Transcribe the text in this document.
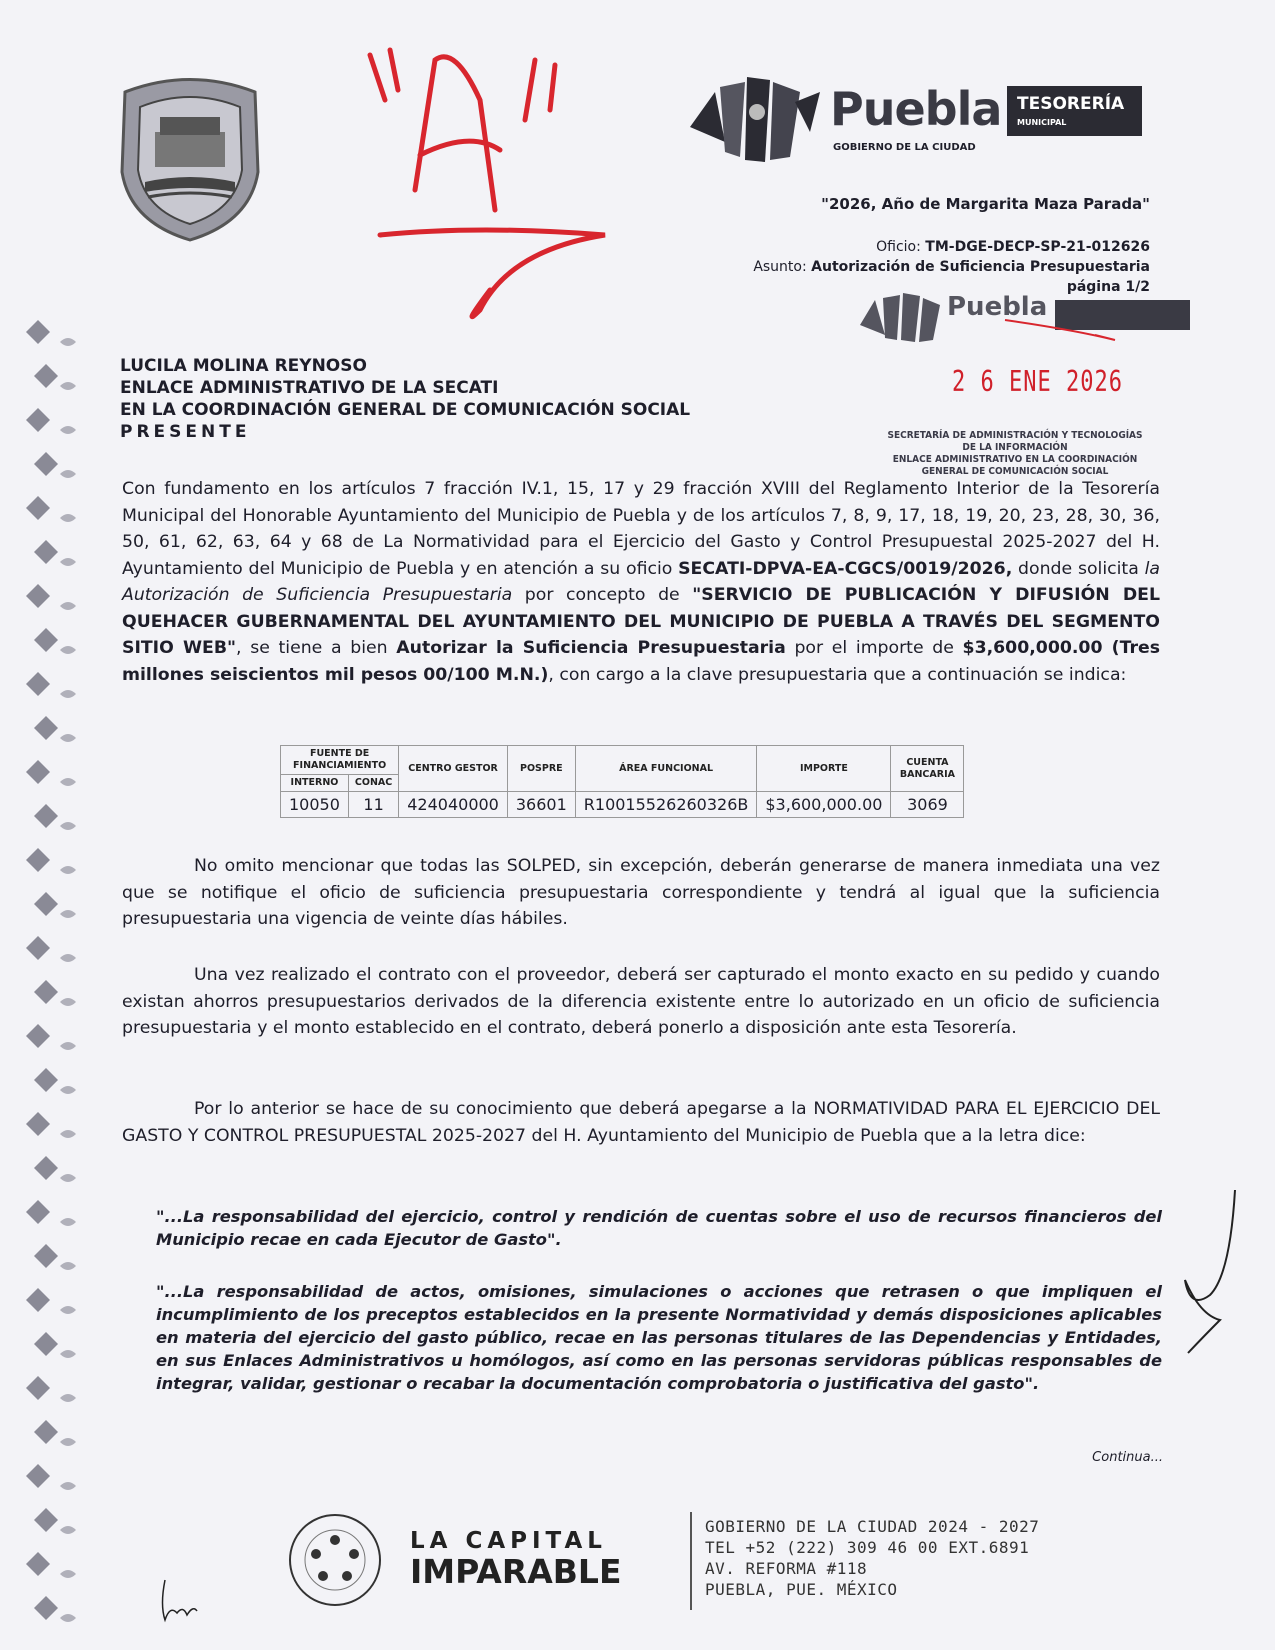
Puebla
GOBIERNO DE LA CIUDAD
TESORERÍA
MUNICIPAL
"2026, Año de Margarita Maza Parada"
Oficio: TM-DGE-DECP-SP-21-012626
Asunto: Autorización de Suficiencia Presupuestaria
página 1/2
Puebla
2 6 ENE 2026
SECRETARÍA DE ADMINISTRACIÓN Y TECNOLOGÍAS
DE LA INFORMACIÓN
ENLACE ADMINISTRATIVO EN LA COORDINACIÓN
GENERAL DE COMUNICACIÓN SOCIAL
LUCILA MOLINA REYNOSO
ENLACE ADMINISTRATIVO DE LA SECATI
EN LA COORDINACIÓN GENERAL DE COMUNICACIÓN SOCIAL
PRESENTE
Con fundamento en los artículos 7 fracción IV.1, 15, 17 y 29 fracción XVIII del Reglamento Interior de la Tesorería Municipal del Honorable Ayuntamiento del Municipio de Puebla y de los artículos 7, 8, 9, 17, 18, 19, 20, 23, 28, 30, 36, 50, 61, 62, 63, 64 y 68 de La Normatividad para el Ejercicio del Gasto y Control Presupuestal 2025-2027 del H. Ayuntamiento del Municipio de Puebla y en atención a su oficio SECATI-DPVA-EA-CGCS/0019/2026, donde solicita la Autorización de Suficiencia Presupuestaria por concepto de "SERVICIO DE PUBLICACIÓN Y DIFUSIÓN DEL QUEHACER GUBERNAMENTAL DEL AYUNTAMIENTO DEL MUNICIPIO DE PUEBLA A TRAVÉS DEL SEGMENTO SITIO WEB", se tiene a bien Autorizar la Suficiencia Presupuestaria por el importe de $3,600,000.00 (Tres millones seiscientos mil pesos 00/100 M.N.), con cargo a la clave presupuestaria que a continuación se indica:
FUENTE DE FINANCIAMIENTO		CENTRO GESTOR	POSPRE	ÁREA FUNCIONAL	IMPORTE	CUENTA BANCARIA
INTERNO	CONAC					
10050	11	424040000	36601	R10015526260326B	$3,600,000.00	3069
No omito mencionar que todas las SOLPED, sin excepción, deberán generarse de manera inmediata una vez que se notifique el oficio de suficiencia presupuestaria correspondiente y tendrá al igual que la suficiencia presupuestaria una vigencia de veinte días hábiles.
Una vez realizado el contrato con el proveedor, deberá ser capturado el monto exacto en su pedido y cuando existan ahorros presupuestarios derivados de la diferencia existente entre lo autorizado en un oficio de suficiencia presupuestaria y el monto establecido en el contrato, deberá ponerlo a disposición ante esta Tesorería.
Por lo anterior se hace de su conocimiento que deberá apegarse a la NORMATIVIDAD PARA EL EJERCICIO DEL GASTO Y CONTROL PRESUPUESTAL 2025-2027 del H. Ayuntamiento del Municipio de Puebla que a la letra dice:
"...La responsabilidad del ejercicio, control y rendición de cuentas sobre el uso de recursos financieros del Municipio recae en cada Ejecutor de Gasto".
"...La responsabilidad de actos, omisiones, simulaciones o acciones que retrasen o que impliquen el incumplimiento de los preceptos establecidos en la presente Normatividad y demás disposiciones aplicables en materia del ejercicio del gasto público, recae en las personas titulares de las Dependencias y Entidades, en sus Enlaces Administrativos u homólogos, así como en las personas servidoras públicas responsables de integrar, validar, gestionar o recabar la documentación comprobatoria o justificativa del gasto".
Continua...
LA CAPITAL
IMPARABLE
GOBIERNO DE LA CIUDAD 2024 - 2027
TEL +52 (222) 309 46 00 EXT.6891
AV. REFORMA #118
PUEBLA, PUE. MÉXICO
